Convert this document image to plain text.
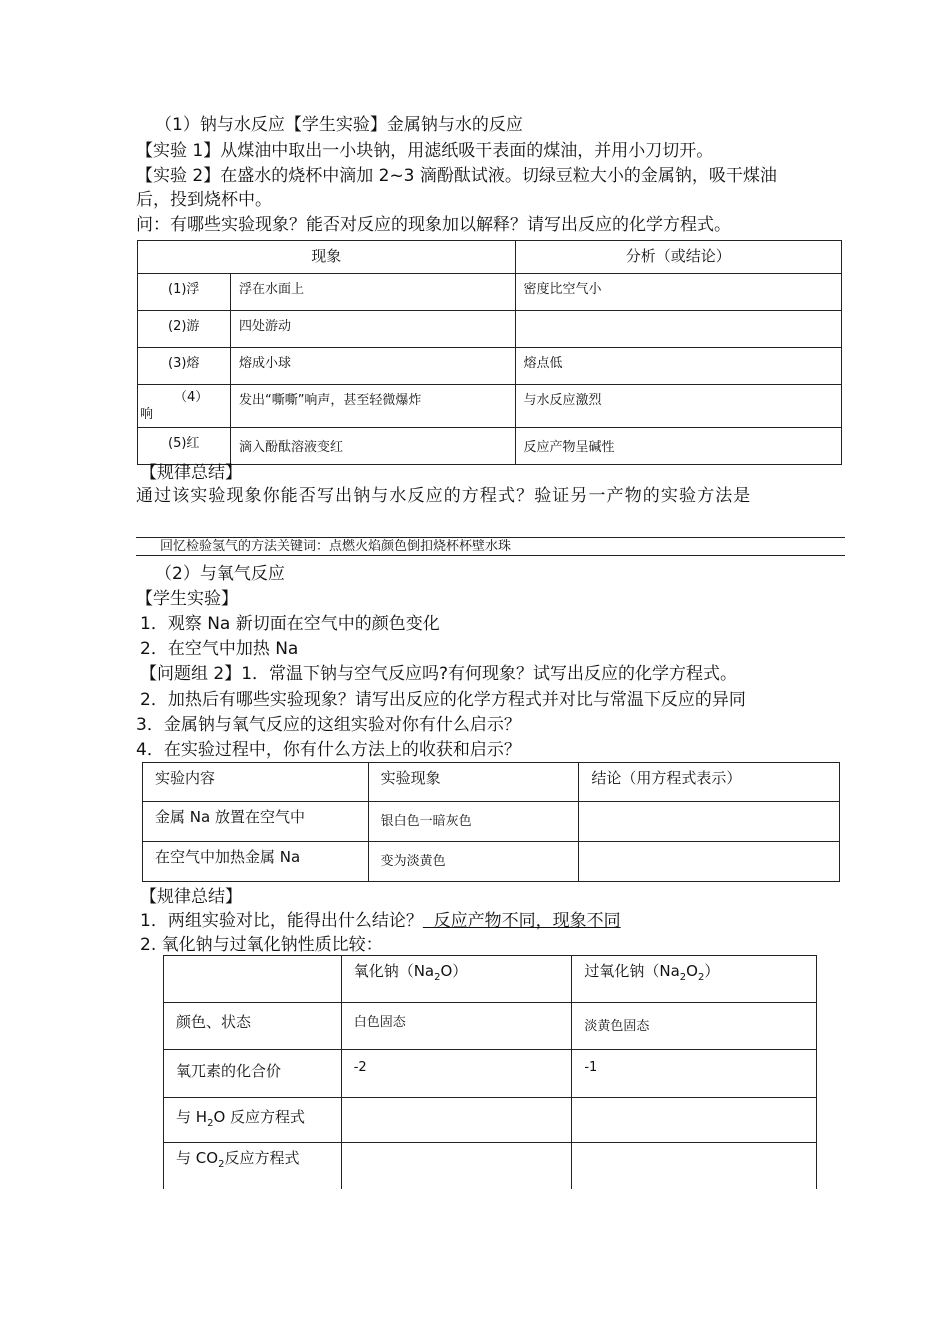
（1）钠与水反应【学生实验】金属钠与水的反应
【实验 1】从煤油中取出一小块钠，用滤纸吸干表面的煤油，并用小刀切开。
【实验 2】在盛水的烧杯中滴加 2~3 滴酚酞试液。切绿豆粒大小的金属钠，吸干煤油
后，投到烧杯中。
问：有哪些实验现象？能否对反应的现象加以解释？请写出反应的化学方程式。
现象		分析（或结论）
(1)浮	浮在水面上	密度比空气小
(2)游	四处游动	
(3)熔	熔成小球	熔点低

（4）
响	发出“嘶嘶”响声，甚至轻微爆炸	与水反应激烈
(5)红	滴入酚酞溶液变红	反应产物呈碱性
【规律总结】
通过该实验现象你能否写出钠与水反应的方程式？验证另一产物的实验方法是
回忆检验氢气的方法关键词：点燃火焰颜色倒扣烧杯杯壁水珠
（2）与氧气反应
【学生实验】
1．观察 Na 新切面在空气中的颜色变化
2．在空气中加热 Na
【问题组 2】1．常温下钠与空气反应吗?有何现象？试写出反应的化学方程式。
2．加热后有哪些实验现象？请写出反应的化学方程式并对比与常温下反应的异同
3．金属钠与氧气反应的这组实验对你有什么启示？
4．在实验过程中，你有什么方法上的收获和启示？
实验内容	实验现象	结论（用方程式表示）
金属 Na 放置在空气中	银白色一暗灰色	
在空气中加热金属 Na	变为淡黄色	
【规律总结】
1．两组实验对比，能得出什么结论？  反应产物不同，现象不同
2. 氧化钠与过氧化钠性质比较：
	氧化钠$(Na_2O)$	过氧化钠$(Na_2O_2)$
颜色、状态	白色固态	淡黄色固态
氧兀素的化合价	-2	-1
与 $H_2O$ 反应方程式		
与 $CO_2$反应方程式		
